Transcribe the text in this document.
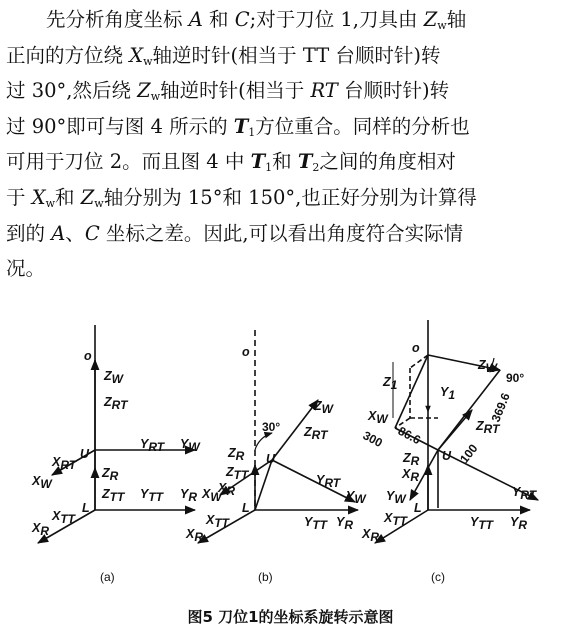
先分析角度坐标 A 和 C;对于刀位 1,刀具由 $Z_w$轴
正向的方位绕 $X_w$轴逆时针(相当于 TT 台顺时针)转
过 30°,然后绕 $Z_w$轴逆时针(相当于 RT 台顺时针)转
过 90°即可与图 4 所示的 $T_1$方位重合。同样的分析也
可用于刀位 2。而且图 4 中 $T_1$和 $T_2$之间的角度相对
于 $X_w$和 $Z_w$轴分别为 15°和 150°,也正好分别为计算得
到的 A、C 坐标之差。因此,可以看出角度符合实际情
况。
o
ZW
ZRT
U
YRT YW
XRT
XW
ZR
ZTT YTT YR
L
XTT
XR
o
30°
ZW
ZRT
ZR
ZTT
U
YRT
YW
XW
XR
L
XTT
XR
YTT YR
o
ZW
90°
Z1	Y1
XW
300 86.6
100
369.6
ZRT
ZR U
XR
YW
L
YRT
XTT	YTT YR
XR
(a)	(b)	(c)
图5 刀位1的坐标系旋转示意图
